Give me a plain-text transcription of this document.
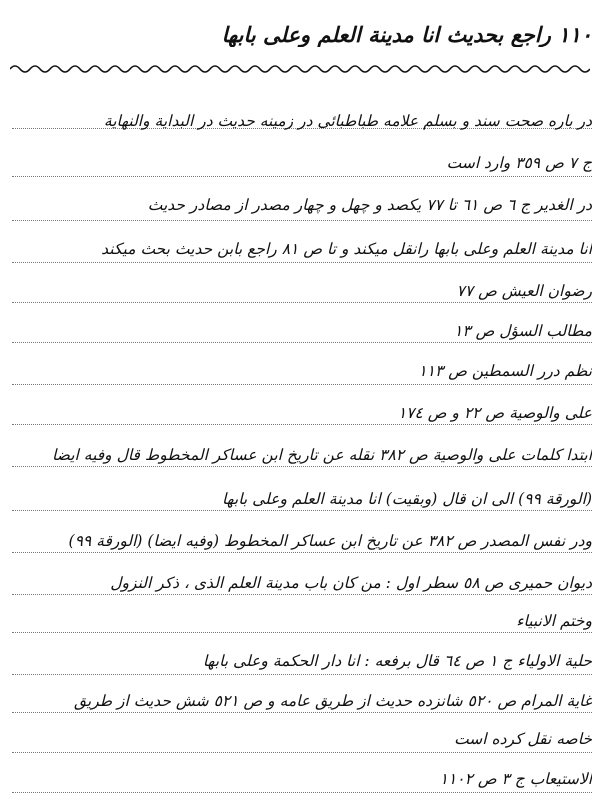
١١٠ راجع بحديث انا مدينة العلم وعلى بابها
در باره صحت سند و بسلم علامه طباطبائی در زمینه حدیث در البدایة والنهایة
ج ٧ ص ٣٥٩ وارد است
در الغدیر ج ٦ ص ٦١ تا ٧٧ یکصد و چهل و چهار مصدر از مصادر حدیث
انا مدینة العلم وعلی بابها رانقل میکند و تا ص ٨١ راجع بابن حدیث بحث میکند
رضوان العیش ص ٧٧
مطالب السؤل ص ١٣
نظم درر السمطین ص ١١٣
علی والوصیة ص ٢٢ و ص ١٧٤
ابتدا کلمات علی والوصیة ص ٣٨٢ نقله عن تاریخ ابن عساکر المخطوط قال وفیه ایضا
(الورقة ٩٩) الی ان قال (وبقیت) انا مدینة العلم وعلی بابها
ودر نفس المصدر ص ٣٨٢ عن تاریخ ابن عساکر المخطوط (وفیه ایضا) (الورقة ٩٩)
دیوان حمیری ص ٥٨ سطر اول : من کان باب مدینة العلم الذی ، ذکر النزول
وختم الانبیاء
حلیة الاولیاء ج ١ ص ٦٤ قال برفعه : انا دار الحکمة وعلی بابها
غایة المرام ص ٥٢٠ شانزده حدیث از طریق عامه و ص ٥٢١ شش حدیث از طریق
خاصه نقل کرده است
الاستیعاب ج ٣ ص ١١٠٢
